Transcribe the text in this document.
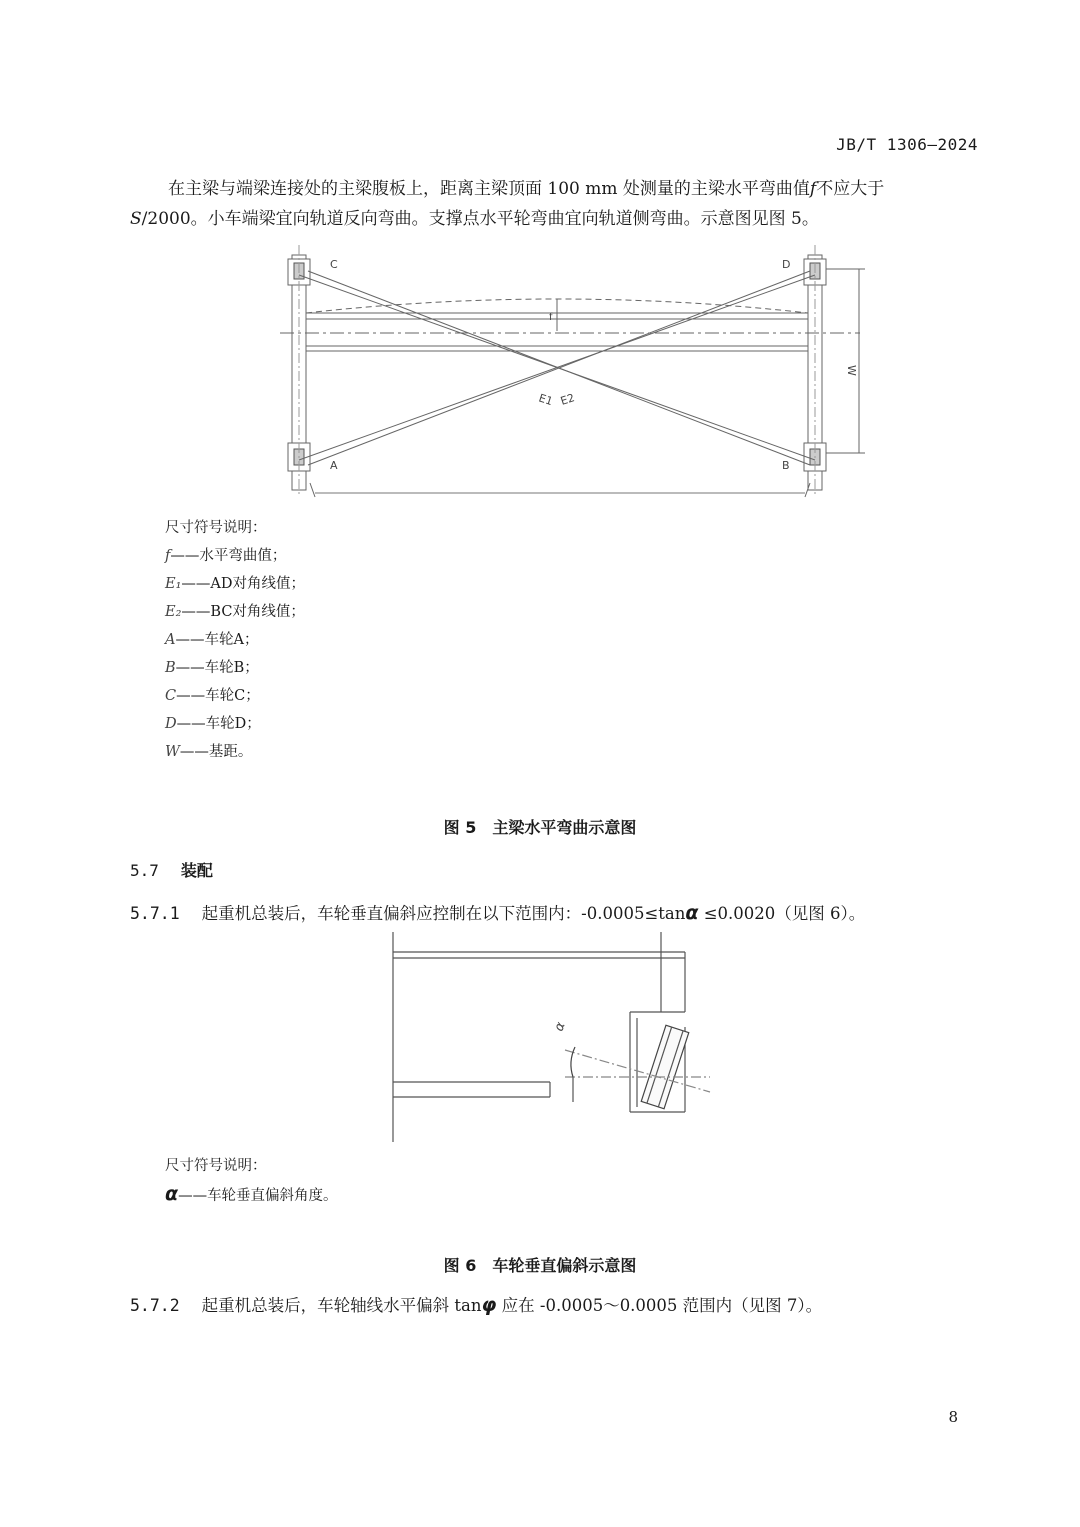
JB/T 1306—2024
在主梁与端梁连接处的主梁腹板上，距离主梁顶面 100 mm 处测量的主梁水平弯曲值f不应大于
S/2000。小车端梁宜向轨道反向弯曲。支撑点水平轮弯曲宜向轨道侧弯曲。示意图见图 5。
C	D
A	B
E1 E2
f
W
尺寸符号说明：
f——水平弯曲值；
E₁——AD对角线值；
E₂——BC对角线值；
A——车轮A；
B——车轮B；
C——车轮C；
D——车轮D；
W——基距。
图 5　主梁水平弯曲示意图
5.7 装配
5.7.1 起重机总装后，车轮垂直偏斜应控制在以下范围内：-0.0005≤tanα ≤0.0020（见图 6）。
α
尺寸符号说明：
α——车轮垂直偏斜角度。
图 6　车轮垂直偏斜示意图
5.7.2 起重机总装后，车轮轴线水平偏斜 tanφ 应在 -0.0005～0.0005 范围内（见图 7）。
8
